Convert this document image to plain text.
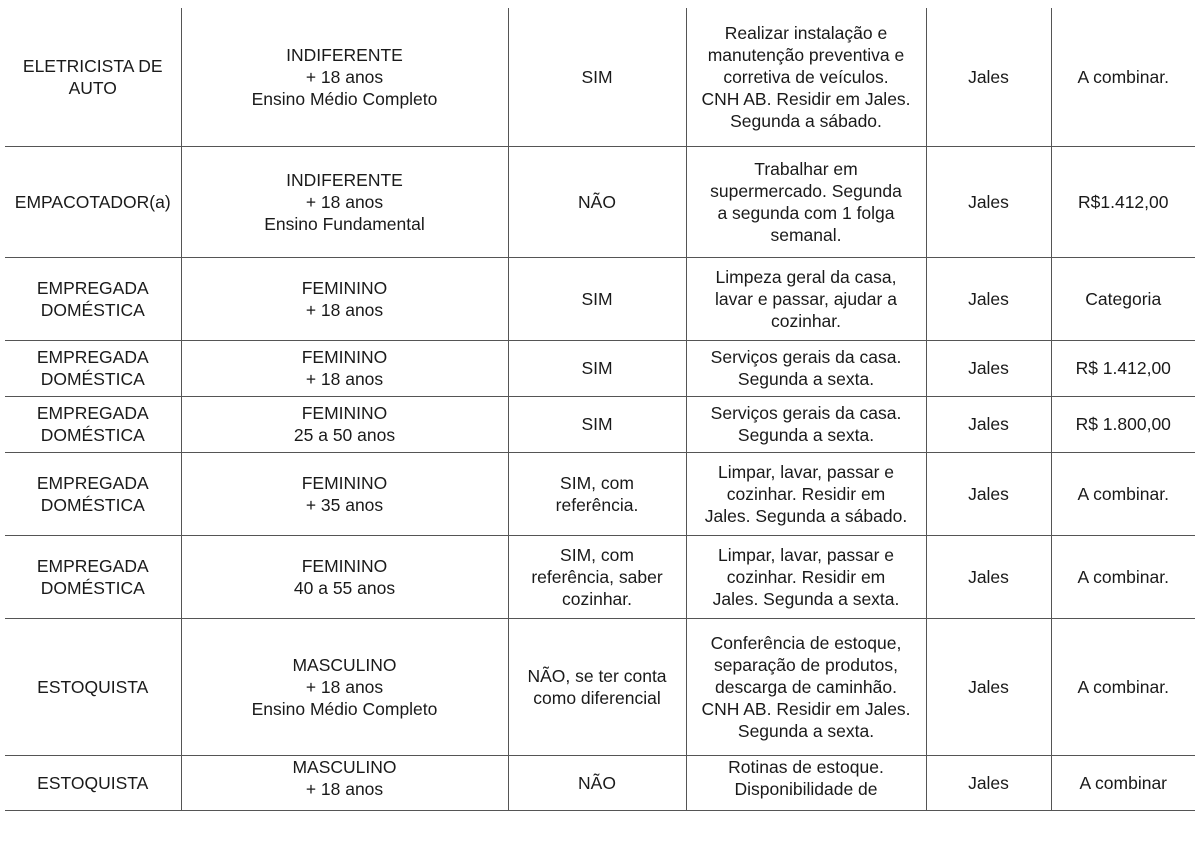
ELETRICISTA DE
AUTO	INDIFERENTE
+ 18 anos
Ensino Médio Completo	SIM	Realizar instalação e
manutenção preventiva e
corretiva de veículos.
CNH AB. Residir em Jales.
Segunda a sábado.	Jales	A combinar.

EMPACOTADOR(a)	INDIFERENTE
+ 18 anos
Ensino Fundamental	NÃO	Trabalhar em
supermercado. Segunda
a segunda com 1 folga
semanal.	Jales	R$1.412,00

EMPREGADA
DOMÉSTICA	FEMININO
+ 18 anos	SIM	Limpeza geral da casa,
lavar e passar, ajudar a
cozinhar.	Jales	Categoria

EMPREGADA
DOMÉSTICA	FEMININO
+ 18 anos	SIM	Serviços gerais da casa.
Segunda a sexta.	Jales	R$ 1.412,00

EMPREGADA
DOMÉSTICA	FEMININO
25 a 50 anos	SIM	Serviços gerais da casa.
Segunda a sexta.	Jales	R$ 1.800,00

EMPREGADA
DOMÉSTICA	FEMININO
+ 35 anos	SIM, com
referência.	Limpar, lavar, passar e
cozinhar. Residir em
Jales. Segunda a sábado.	Jales	A combinar.

EMPREGADA
DOMÉSTICA	FEMININO
40 a 55 anos	SIM, com
referência, saber
cozinhar.	Limpar, lavar, passar e
cozinhar. Residir em
Jales. Segunda a sexta.	Jales	A combinar.

ESTOQUISTA	MASCULINO
+ 18 anos
Ensino Médio Completo	NÃO, se ter conta
como diferencial	Conferência de estoque,
separação de produtos,
descarga de caminhão.
CNH AB. Residir em Jales.
Segunda a sexta.	Jales	A combinar.

ESTOQUISTA	MASCULINO
+ 18 anos	NÃO	Rotinas de estoque.
Disponibilidade de	Jales	A combinar
